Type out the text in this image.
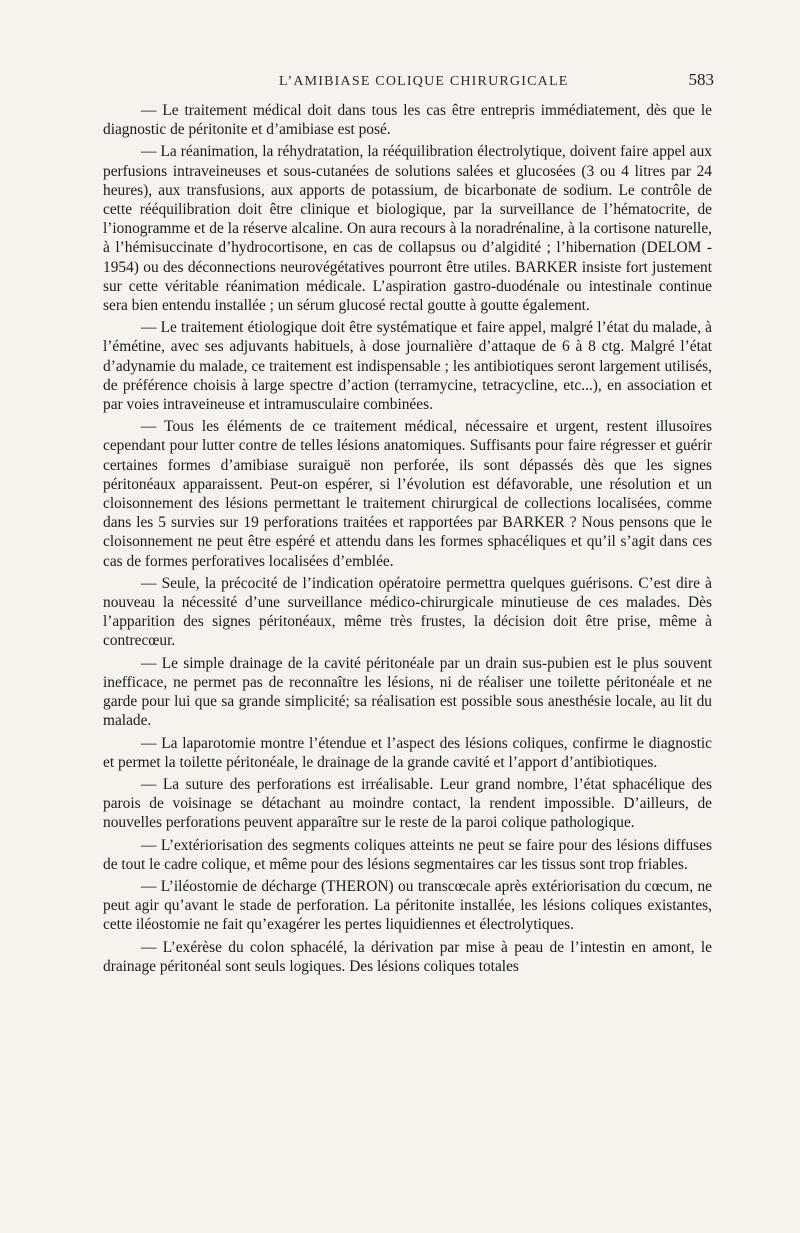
L’AMIBIASE COLIQUE CHIRURGICALE	583

— Le traitement médical doit dans tous les cas être entrepris immédiatement, dès que le diagnostic de péritonite et d’amibiase est posé.

— La réanimation, la réhydratation, la rééquilibration électrolytique, doivent faire appel aux perfusions intraveineuses et sous-cutanées de solutions salées et glucosées (3 ou 4 litres par 24 heures), aux transfusions, aux apports de potassium, de bicarbonate de sodium. Le contrôle de cette rééquilibration doit être clinique et biologique, par la surveillance de l’hématocrite, de l’ionogramme et de la réserve alcaline. On aura recours à la noradrénaline, à la cortisone naturelle, à l’hémisuccinate d’hydrocortisone, en cas de collapsus ou d’algidité ; l’hibernation (DELOM - 1954) ou des déconnections neurovégétatives pourront être utiles. BARKER insiste fort justement sur cette véritable réanimation médicale. L’aspiration gastro-duodénale ou intestinale continue sera bien entendu installée ; un sérum glucosé rectal goutte à goutte également.

— Le traitement étiologique doit être systématique et faire appel, malgré l’état du malade, à l’émétine, avec ses adjuvants habituels, à dose journalière d’attaque de 6 à 8 ctg. Malgré l’état d’adynamie du malade, ce traitement est indispensable ; les antibiotiques seront largement utilisés, de préférence choisis à large spectre d’action (terramycine, tetracycline, etc...), en association et par voies intraveineuse et intramusculaire combinées.

— Tous les éléments de ce traitement médical, nécessaire et urgent, restent illusoires cependant pour lutter contre de telles lésions anatomiques. Suffisants pour faire régresser et guérir certaines formes d’amibiase suraiguë non perforée, ils sont dépassés dès que les signes péritonéaux apparaissent. Peut-on espérer, si l’évolution est défavorable, une résolution et un cloisonnement des lésions permettant le traitement chirurgical de collections localisées, comme dans les 5 survies sur 19 perforations traitées et rapportées par BARKER ? Nous pensons que le cloisonnement ne peut être espéré et attendu dans les formes sphacéliques et qu’il s’agit dans ces cas de formes perforatives localisées d’emblée.

— Seule, la précocité de l’indication opératoire permettra quelques guérisons. C’est dire à nouveau la nécessité d’une surveillance médico-chirurgicale minutieuse de ces malades. Dès l’apparition des signes péritonéaux, même très frustes, la décision doit être prise, même à contrecœur.

— Le simple drainage de la cavité péritonéale par un drain sus-pubien est le plus souvent inefficace, ne permet pas de reconnaître les lésions, ni de réaliser une toilette péritonéale et ne garde pour lui que sa grande simplicité; sa réalisation est possible sous anesthésie locale, au lit du malade.

— La laparotomie montre l’étendue et l’aspect des lésions coliques, confirme le diagnostic et permet la toilette péritonéale, le drainage de la grande cavité et l’apport d’antibiotiques.

— La suture des perforations est irréalisable. Leur grand nombre, l’état sphacélique des parois de voisinage se détachant au moindre contact, la rendent impossible. D’ailleurs, de nouvelles perforations peuvent apparaître sur le reste de la paroi colique pathologique.

— L’extériorisation des segments coliques atteints ne peut se faire pour des lésions diffuses de tout le cadre colique, et même pour des lésions segmentaires car les tissus sont trop friables.

— L’iléostomie de décharge (THERON) ou transcœcale après extériorisation du cœcum, ne peut agir qu’avant le stade de perforation. La péritonite installée, les lésions coliques existantes, cette iléostomie ne fait qu’exagérer les pertes liquidiennes et électrolytiques.

— L’exérèse du colon sphacélé, la dérivation par mise à peau de l’intestin en amont, le drainage péritonéal sont seuls logiques. Des lésions coliques totales
